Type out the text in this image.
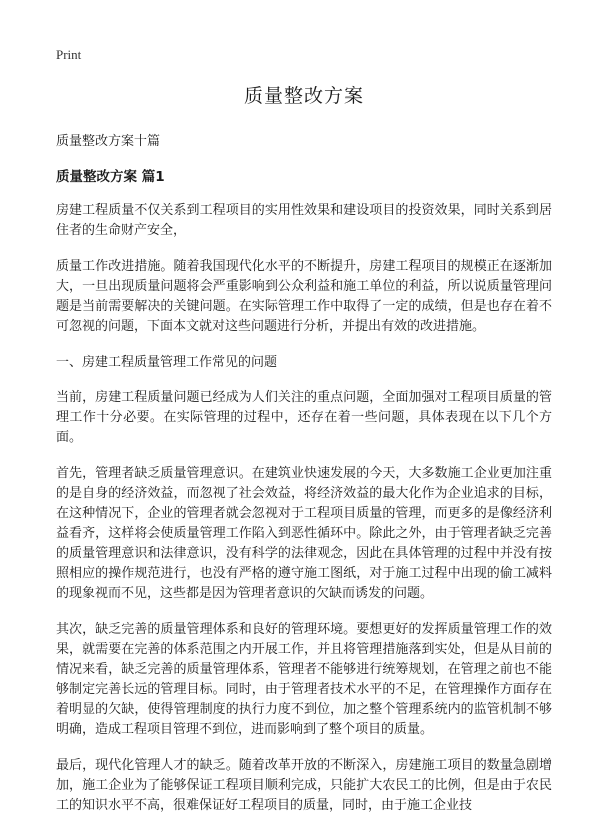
Print
质量整改方案

质量整改方案十篇

质量整改方案 篇1

房建工程质量不仅关系到工程项目的实用性效果和建设项目的投资效果，同时关系到居住者的生命财产安全，

质量工作改进措施。随着我国现代化水平的不断提升，房建工程项目的规模正在逐渐加大，一旦出现质量问题将会严重影响到公众利益和施工单位的利益，所以说质量管理问题是当前需要解决的关键问题。在实际管理工作中取得了一定的成绩，但是也存在着不可忽视的问题，下面本文就对这些问题进行分析，并提出有效的改进措施。

一、房建工程质量管理工作常见的问题

当前，房建工程质量问题已经成为人们关注的重点问题，全面加强对工程项目质量的管理工作十分必要。在实际管理的过程中，还存在着一些问题，具体表现在以下几个方面。

首先，管理者缺乏质量管理意识。在建筑业快速发展的今天，大多数施工企业更加注重的是自身的经济效益，而忽视了社会效益，将经济效益的最大化作为企业追求的目标，在这种情况下，企业的管理者就会忽视对于工程项目质量的管理，而更多的是像经济利益看齐，这样将会使质量管理工作陷入到恶性循环中。除此之外，由于管理者缺乏完善的质量管理意识和法律意识，没有科学的法律观念，因此在具体管理的过程中并没有按照相应的操作规范进行，也没有严格的遵守施工图纸，对于施工过程中出现的偷工减料的现象视而不见，这些都是因为管理者意识的欠缺而诱发的问题。

其次，缺乏完善的质量管理体系和良好的管理环境。要想更好的发挥质量管理工作的效果，就需要在完善的体系范围之内开展工作，并且将管理措施落到实处，但是从目前的情况来看，缺乏完善的质量管理体系，管理者不能够进行统筹规划，在管理之前也不能够制定完善长远的管理目标。同时，由于管理者技术水平的不足，在管理操作方面存在着明显的欠缺，使得管理制度的执行力度不到位，加之整个管理系统内的监管机制不够明确，造成工程项目管理不到位，进而影响到了整个项目的质量。

最后，现代化管理人才的缺乏。随着改革开放的不断深入，房建施工项目的数量急剧增加，施工企业为了能够保证工程项目顺利完成，只能扩大农民工的比例，但是由于农民工的知识水平不高，很难保证好工程项目的质量，同时，由于施工企业技
